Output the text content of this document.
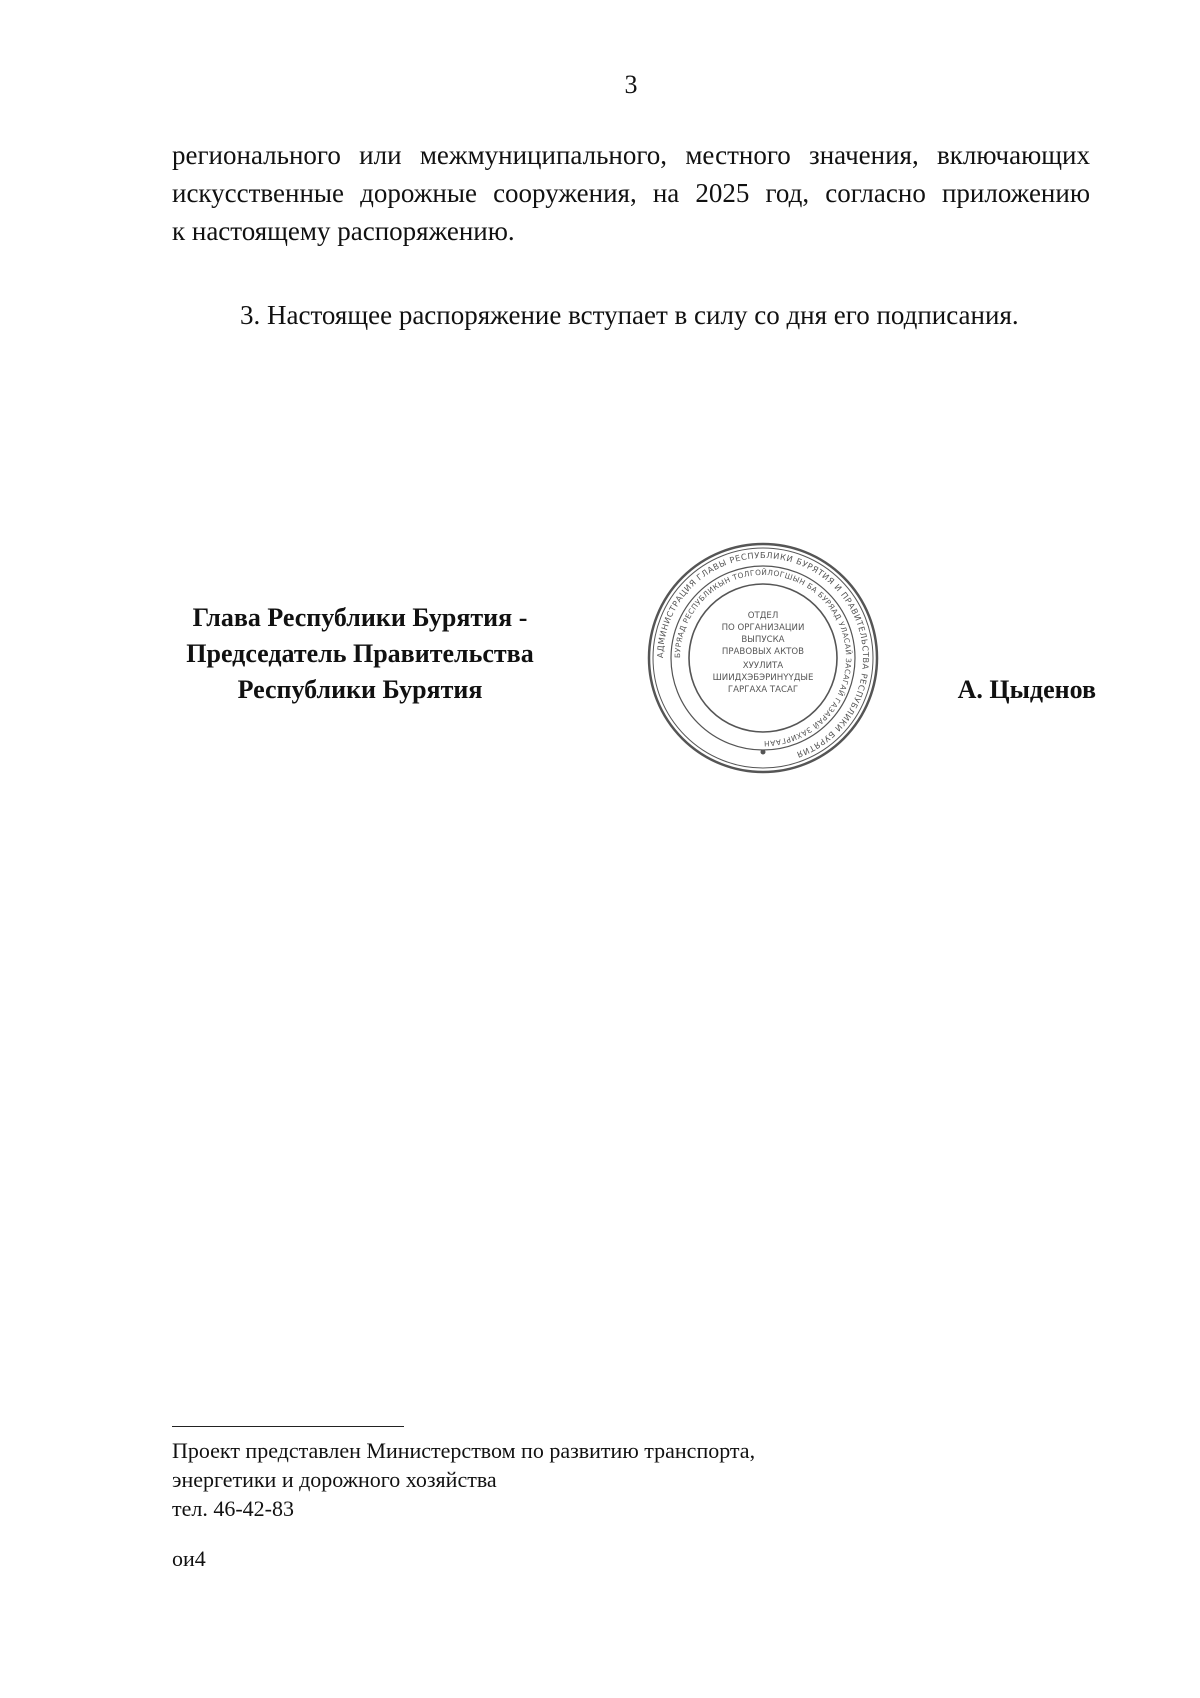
3
регионального или межмуниципального, местного значения, включающих
искусственные дорожные сооружения, на 2025 год, согласно приложению
к настоящему распоряжению.
3. Настоящее распоряжение вступает в силу со дня его подписания.
Глава Республики Бурятия -
Председатель Правительства
Республики Бурятия
АДМИНИСТРАЦИЯ ГЛАВЫ РЕСПУБЛИКИ БУРЯТИЯ И ПРАВИТЕЛЬСТВА РЕСПУБЛИКИ БУРЯТИЯ
БУРЯАД РЕСПУБЛИКЫН ТОЛГОЙЛОГШЫН БА БУРЯАД УЛАСАЙ ЗАСАГАЙ ГАЗАРАЙ ЗАХИРГААН
ОТДЕЛ
ПО ОРГАНИЗАЦИИ
ВЫПУСКА
ПРАВОВЫХ АКТОВ
ХУУЛИТА
ШИИДХЭБЭРИНҮҮДЫЕ
ГАРГАХА ТАСАГ	А. Цыденов
Проект представлен Министерством по развитию транспорта,
энергетики и дорожного хозяйства
тел. 46-42-83
ои4
